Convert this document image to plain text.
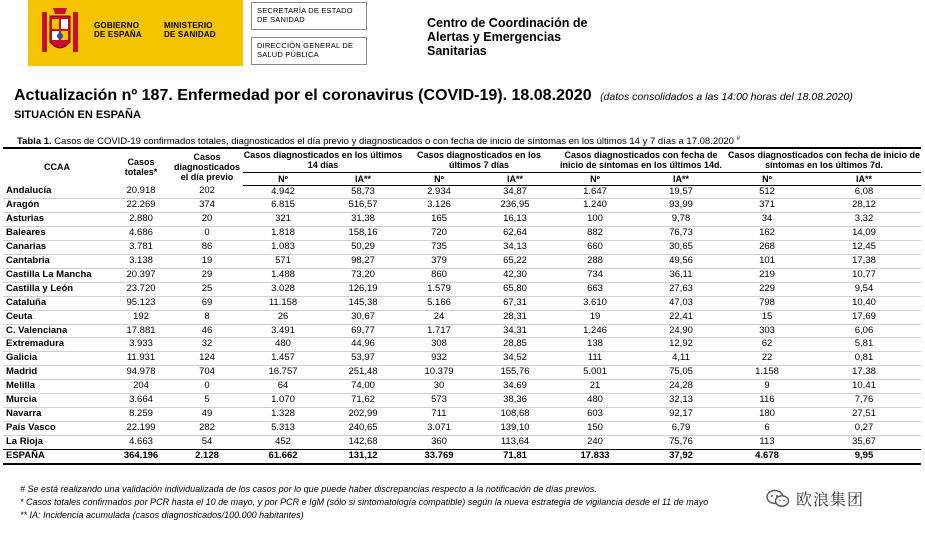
GOBIERNO
DE ESPAÑA
MINISTERIO
DE SANIDAD
SECRETARÍA DE ESTADO
DE SANIDAD
DIRECCIÓN GENERAL DE
SALUD PÚBLICA
Centro de Coordinación de
Alertas y Emergencias
Sanitarias
Actualización nº 187. Enfermedad por el coronavirus (COVID-19). 18.08.2020 (datos consolidados a las 14:00 horas del 18.08.2020)
SITUACIÓN EN ESPAÑA
Tabla 1. Casos de COVID-19 confirmados totales, diagnosticados el día previo y diagnosticados o con fecha de inicio de síntomas en los últimos 14 y 7 días a 17.08.2020 #
CCAA	Casos totales*	Casos diagnosticados el día previo	Casos diagnosticados en los últimos 14 días		Casos diagnosticados en los últimos 7 días		Casos diagnosticados con fecha de inicio de síntomas en los últimos 14d.		Casos diagnosticados con fecha de inicio de síntomas en los últimos 7d.	
			Nº	IA**	Nº	IA**	Nº	IA**	Nº	IA**
Andalucía	20.918	202	4.942	58,73	2.934	34,87	1.647	19,57	512	6,08
Aragón	22.269	374	6.815	516,57	3.126	236,95	1.240	93,99	371	28,12
Asturias	2.880	20	321	31,38	165	16,13	100	9,78	34	3,32
Baleares	4.686	0	1.818	158,16	720	62,64	882	76,73	162	14,09
Canarias	3.781	86	1.083	50,29	735	34,13	660	30,65	268	12,45
Cantabria	3.138	19	571	98,27	379	65,22	288	49,56	101	17,38
Castilla La Mancha	20.397	29	1.488	73,20	860	42,30	734	36,11	219	10,77
Castilla y León	23.720	25	3.028	126,19	1.579	65,80	663	27,63	229	9,54
Cataluña	95.123	69	11.158	145,38	5.166	67,31	3.610	47,03	798	10,40
Ceuta	192	8	26	30,67	24	28,31	19	22,41	15	17,69
C. Valenciana	17.881	46	3.491	69,77	1.717	34,31	1.246	24,90	303	6,06
Extremadura	3.933	32	480	44,96	308	28,85	138	12,92	62	5,81
Galicia	11.931	124	1.457	53,97	932	34,52	111	4,11	22	0,81
Madrid	94.978	704	16.757	251,48	10.379	155,76	5.001	75,05	1.158	17,38
Melilla	204	0	64	74,00	30	34,69	21	24,28	9	10,41
Murcia	3.664	5	1.070	71,62	573	38,36	480	32,13	116	7,76
Navarra	8.259	49	1.328	202,99	711	108,68	603	92,17	180	27,51
País Vasco	22.199	282	5.313	240,65	3.071	139,10	150	6,79	6	0,27
La Rioja	4.663	54	452	142,68	360	113,64	240	75,76	113	35,67
ESPAÑA	364.196	2.128	61.662	131,12	33.769	71,81	17.833	37,92	4.678	9,95
# Se está realizando una validación individualizada de los casos por lo que puede haber discrepancias respecto a la notificación de días previos.
* Casos totales confirmados por PCR hasta el 10 de mayo, y por PCR e IgM (sólo si sintomatología compatible) según la nueva estrategia de vigilancia desde el 11 de mayo
** IA: Incidencia acumulada (casos diagnosticados/100.000 habitantes)
欧浪集团
